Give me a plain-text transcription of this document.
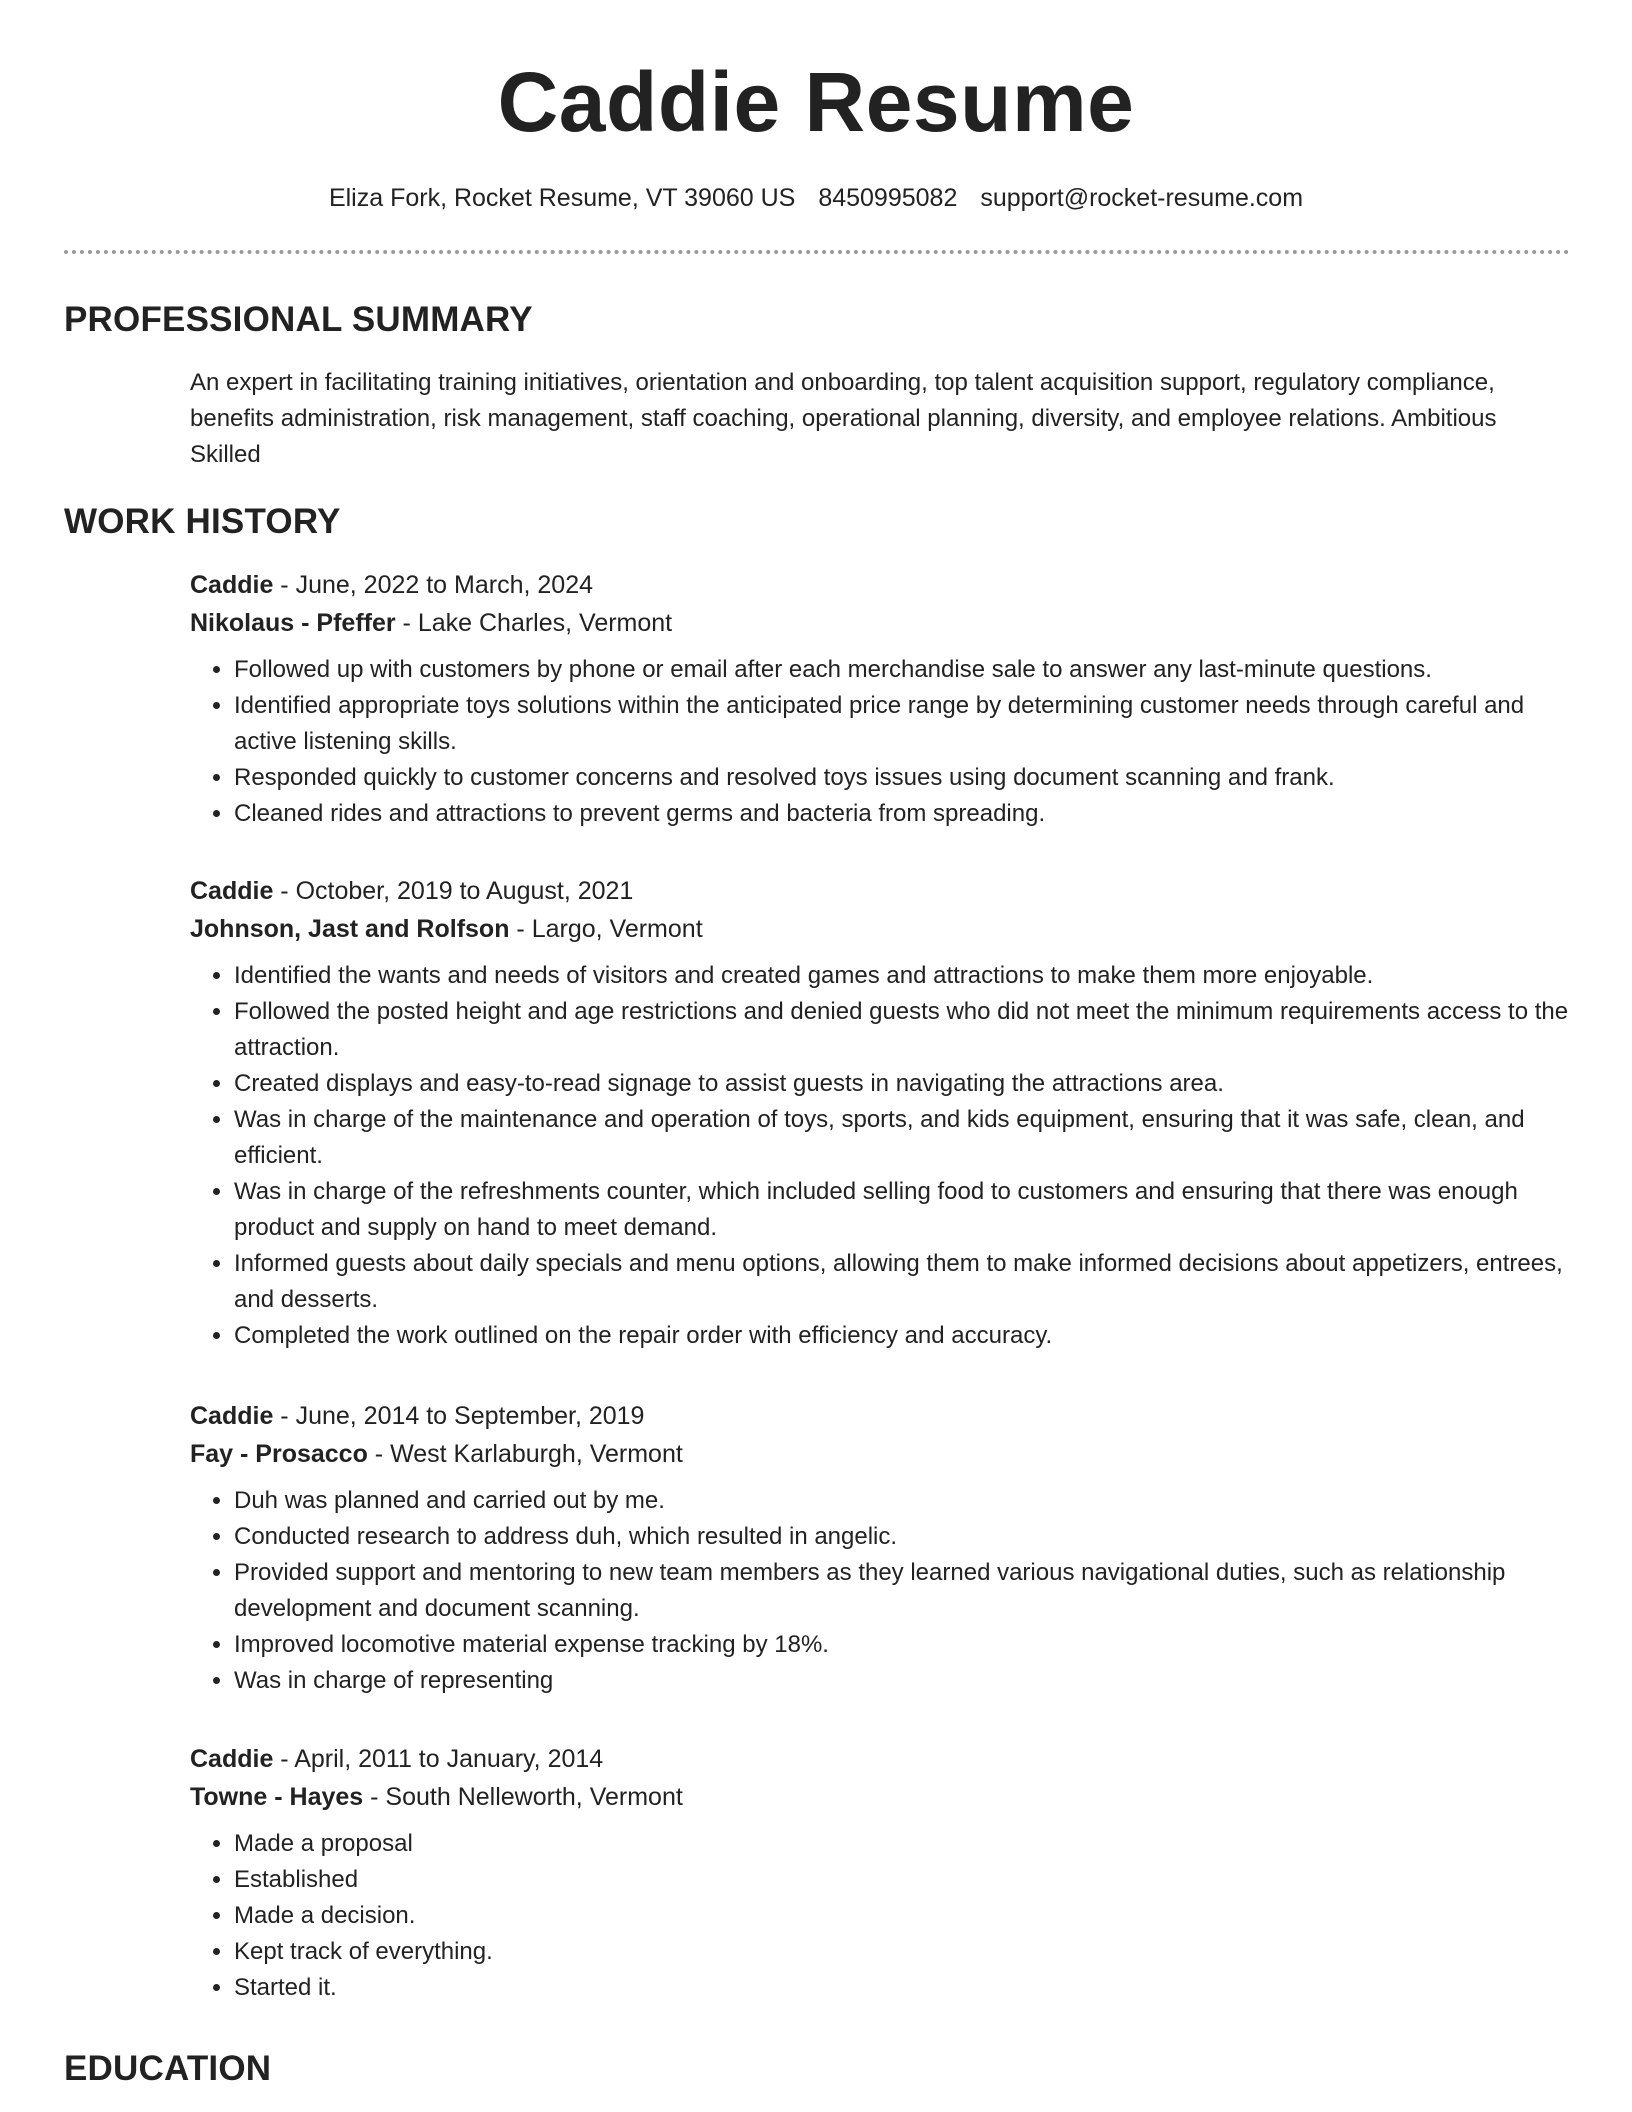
Caddie Resume
Eliza Fork, Rocket Resume, VT 39060 US 8450995082 support@rocket-resume.com
PROFESSIONAL SUMMARY

An expert in facilitating training initiatives, orientation and onboarding, top talent acquisition support, regulatory compliance, benefits administration, risk management, staff coaching, operational planning, diversity, and employee relations. Ambitious Skilled

WORK HISTORY
Caddie - June, 2022 to March, 2024
Nikolaus - Pfeffer - Lake Charles, Vermont
• Followed up with customers by phone or email after each merchandise sale to answer any last-minute questions.
• Identified appropriate toys solutions within the anticipated price range by determining customer needs through careful and active listening skills.
• Responded quickly to customer concerns and resolved toys issues using document scanning and frank.
• Cleaned rides and attractions to prevent germs and bacteria from spreading.
Caddie - October, 2019 to August, 2021
Johnson, Jast and Rolfson - Largo, Vermont
• Identified the wants and needs of visitors and created games and attractions to make them more enjoyable.
• Followed the posted height and age restrictions and denied guests who did not meet the minimum requirements access to the attraction.
• Created displays and easy-to-read signage to assist guests in navigating the attractions area.
• Was in charge of the maintenance and operation of toys, sports, and kids equipment, ensuring that it was safe, clean, and efficient.
• Was in charge of the refreshments counter, which included selling food to customers and ensuring that there was enough product and supply on hand to meet demand.
• Informed guests about daily specials and menu options, allowing them to make informed decisions about appetizers, entrees, and desserts.
• Completed the work outlined on the repair order with efficiency and accuracy.
Caddie - June, 2014 to September, 2019
Fay - Prosacco - West Karlaburgh, Vermont
• Duh was planned and carried out by me.
• Conducted research to address duh, which resulted in angelic.
• Provided support and mentoring to new team members as they learned various navigational duties, such as relationship development and document scanning.
• Improved locomotive material expense tracking by 18%.
• Was in charge of representing
Caddie - April, 2011 to January, 2014
Towne - Hayes - South Nelleworth, Vermont
• Made a proposal
• Established
• Made a decision.
• Kept track of everything.
• Started it.
EDUCATION
